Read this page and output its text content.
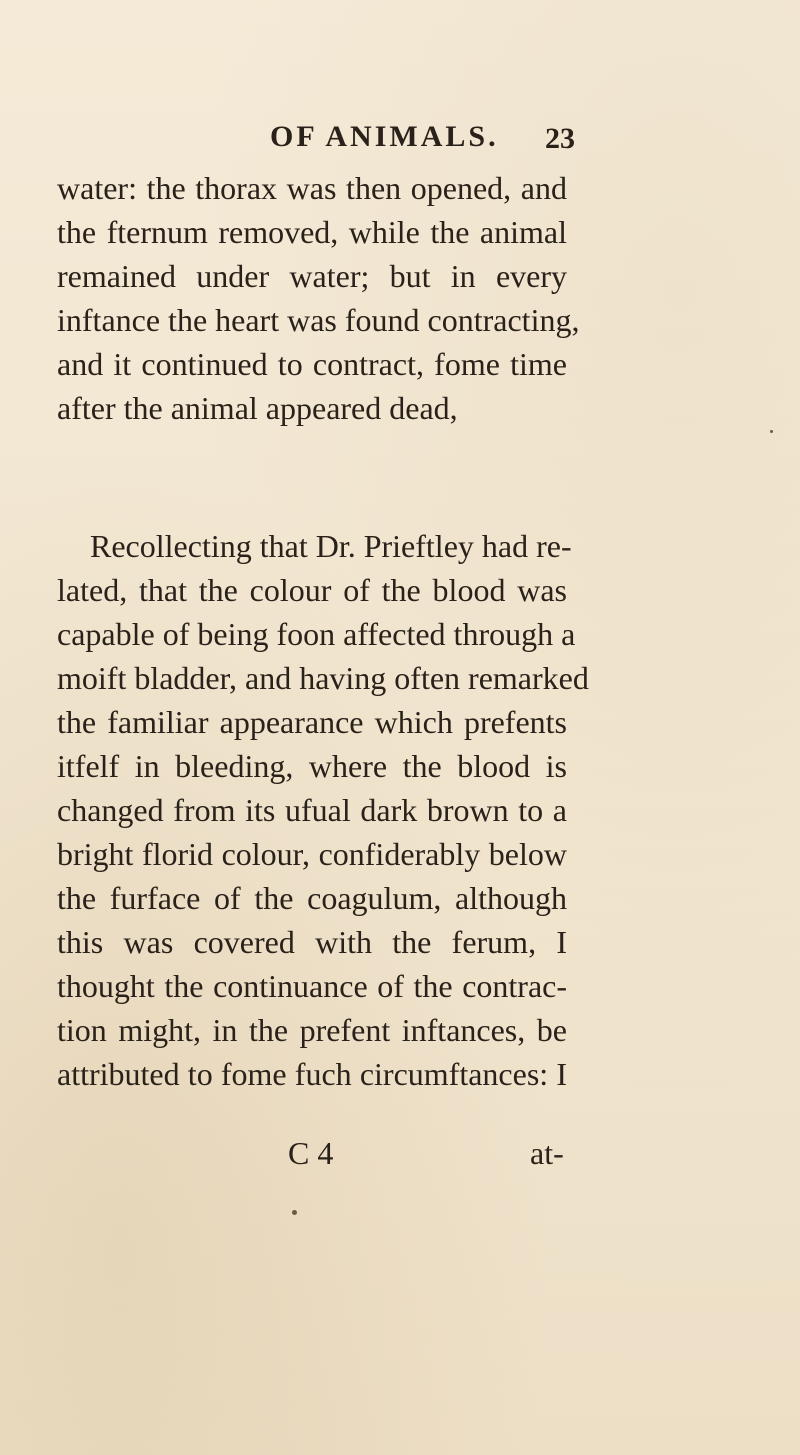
OF ANIMALS. 23
water: the thorax was then opened, and
the fternum removed, while the animal
remained under water; but in every
inftance the heart was found contracting,
and it continued to contract, fome time
after the animal appeared dead,
Recollecting that Dr. Prieftley had re-
lated, that the colour of the blood was
capable of being foon affected through a
moift bladder, and having often remarked
the familiar appearance which prefents
itfelf in bleeding, where the blood is
changed from its ufual dark brown to a
bright florid colour, confiderably below
the furface of the coagulum, although
this was covered with the ferum, I
thought the continuance of the contrac-
tion might, in the prefent inftances, be
attributed to fome fuch circumftances: I
C 4	at-
